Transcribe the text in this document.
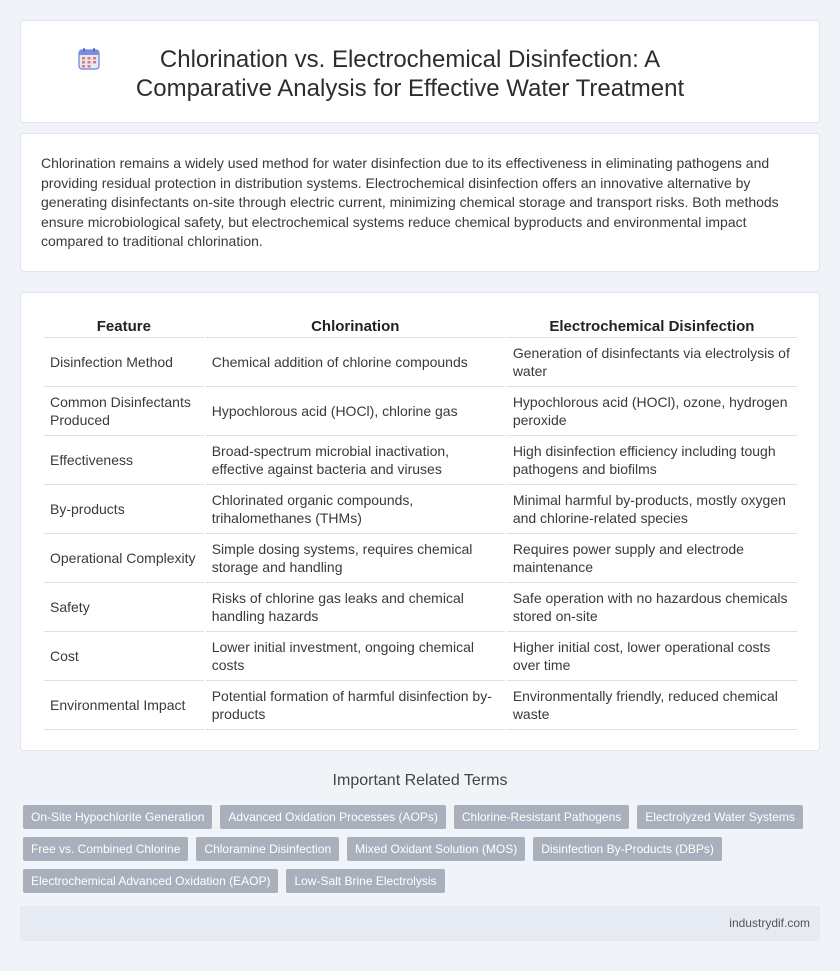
Chlorination vs. Electrochemical Disinfection: A Comparative Analysis for Effective Water Treatment

Chlorination remains a widely used method for water disinfection due to its effectiveness in eliminating pathogens and providing residual protection in distribution systems. Electrochemical disinfection offers an innovative alternative by generating disinfectants on-site through electric current, minimizing chemical storage and transport risks. Both methods ensure microbiological safety, but electrochemical systems reduce chemical byproducts and environmental impact compared to traditional chlorination.

Feature	Chlorination	Electrochemical Disinfection
Disinfection Method	Chemical addition of chlorine compounds	Generation of disinfectants via electrolysis of water
Common Disinfectants Produced	Hypochlorous acid (HOCl), chlorine gas	Hypochlorous acid (HOCl), ozone, hydrogen peroxide
Effectiveness	Broad-spectrum microbial inactivation, effective against bacteria and viruses	High disinfection efficiency including tough pathogens and biofilms
By-products	Chlorinated organic compounds, trihalomethanes (THMs)	Minimal harmful by-products, mostly oxygen and chlorine-related species
Operational Complexity	Simple dosing systems, requires chemical storage and handling	Requires power supply and electrode maintenance
Safety	Risks of chlorine gas leaks and chemical handling hazards	Safe operation with no hazardous chemicals stored on-site
Cost	Lower initial investment, ongoing chemical costs	Higher initial cost, lower operational costs over time
Environmental Impact	Potential formation of harmful disinfection by-products	Environmentally friendly, reduced chemical waste
Important Related Terms
On-Site Hypochlorite Generation	Advanced Oxidation Processes (AOPs)	Chlorine-Resistant Pathogens	Electrolyzed Water Systems
Free vs. Combined Chlorine	Chloramine Disinfection	Mixed Oxidant Solution (MOS)	Disinfection By-Products (DBPs)
Electrochemical Advanced Oxidation (EAOP)	Low-Salt Brine Electrolysis
industrydif.com
